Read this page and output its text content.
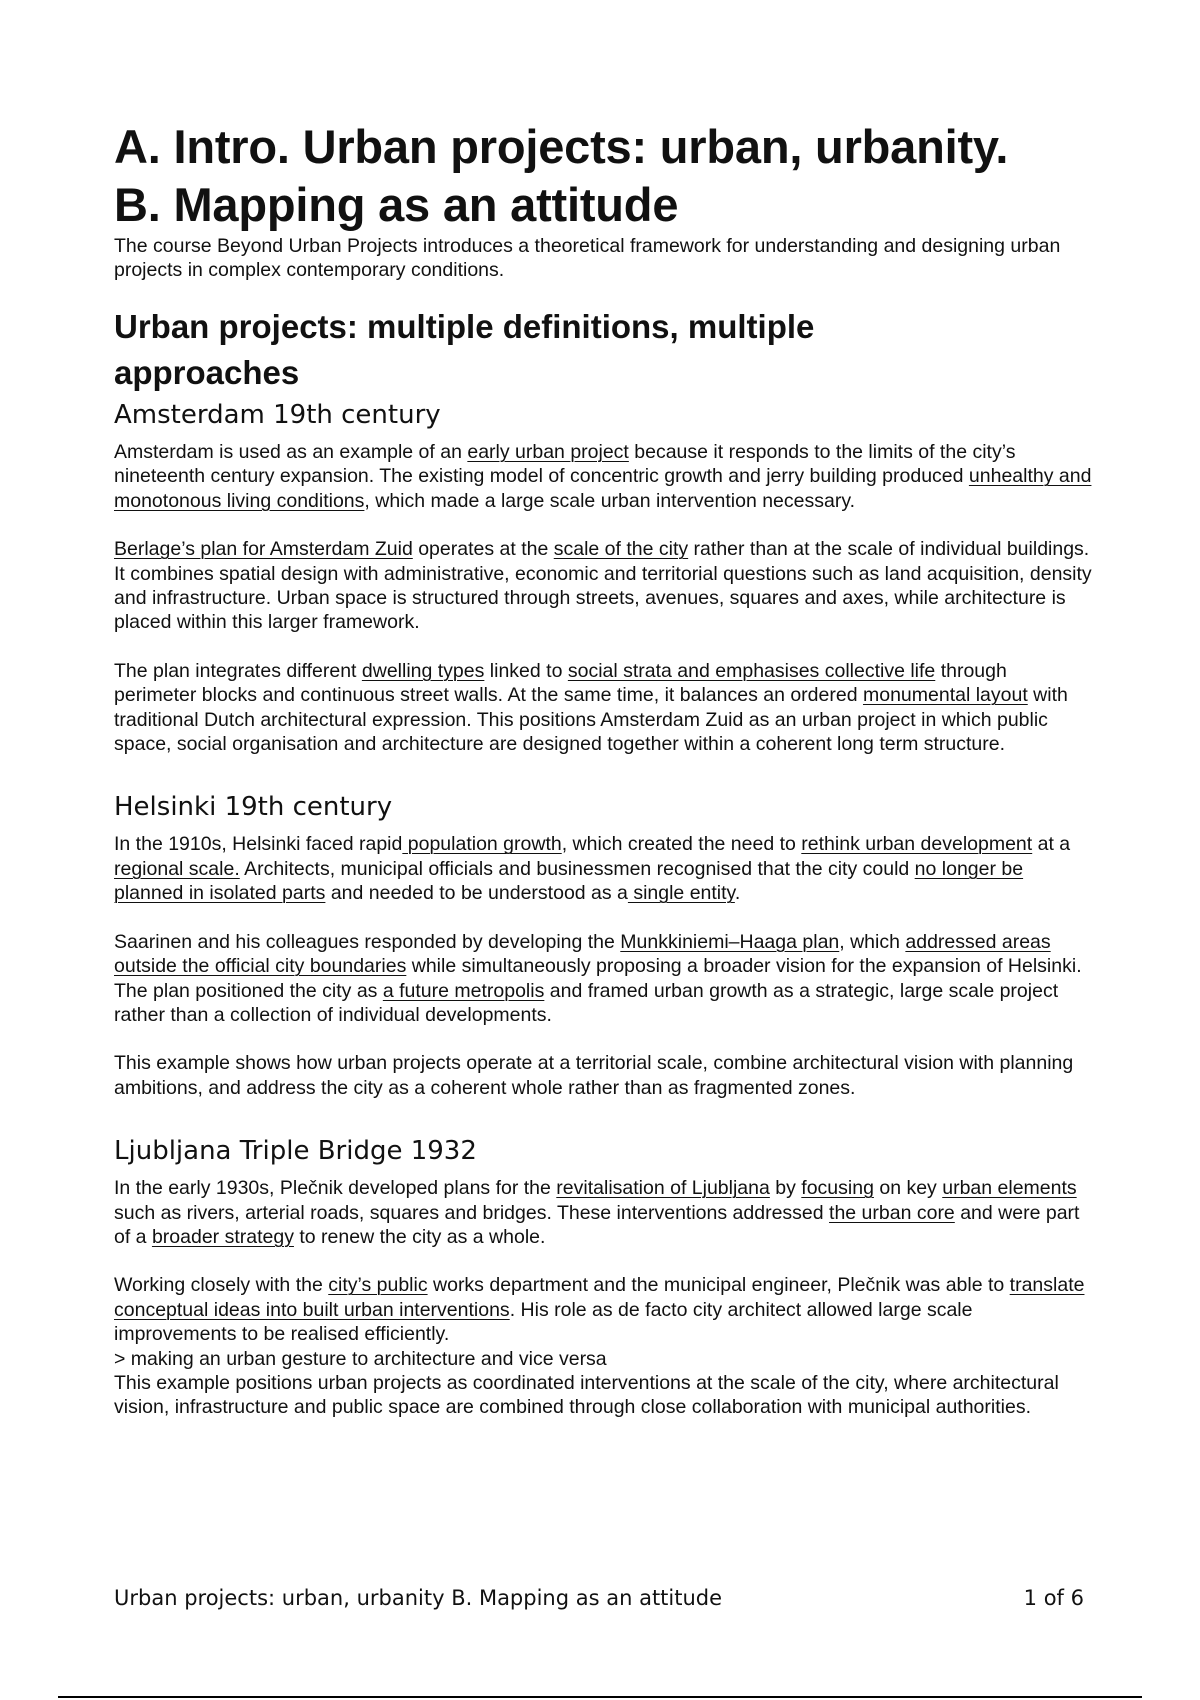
A. Intro. Urban projects: urban, urbanity.
B. Mapping as an attitude

The course Beyond Urban Projects introduces a theoretical framework for understanding and designing urban projects in complex contemporary conditions.

Urban projects: multiple definitions, multiple
approaches
Amsterdam 19th century

Amsterdam is used as an example of an early urban project because it responds to the limits of the city’s nineteenth century expansion. The existing model of concentric growth and jerry building produced unhealthy and monotonous living conditions, which made a large scale urban intervention necessary.

Berlage’s plan for Amsterdam Zuid operates at the scale of the city rather than at the scale of individual buildings. It combines spatial design with administrative, economic and territorial questions such as land acquisition, density and infrastructure. Urban space is structured through streets, avenues, squares and axes, while architecture is placed within this larger framework.

The plan integrates different dwelling types linked to social strata and emphasises collective life through perimeter blocks and continuous street walls. At the same time, it balances an ordered monumental layout with traditional Dutch architectural expression. This positions Amsterdam Zuid as an urban project in which public space, social organisation and architecture are designed together within a coherent long term structure.

Helsinki 19th century

In the 1910s, Helsinki faced rapid population growth, which created the need to rethink urban development at a regional scale. Architects, municipal officials and businessmen recognised that the city could no longer be planned in isolated parts and needed to be understood as a single entity.

Saarinen and his colleagues responded by developing the Munkkiniemi–Haaga plan, which addressed areas outside the official city boundaries while simultaneously proposing a broader vision for the expansion of Helsinki. The plan positioned the city as a future metropolis and framed urban growth as a strategic, large scale project rather than a collection of individual developments.

This example shows how urban projects operate at a territorial scale, combine architectural vision with planning ambitions, and address the city as a coherent whole rather than as fragmented zones.

Ljubljana Triple Bridge 1932

In the early 1930s, Plečnik developed plans for the revitalisation of Ljubljana by focusing on key urban elements such as rivers, arterial roads, squares and bridges. These interventions addressed the urban core and were part of a broader strategy to renew the city as a whole.

Working closely with the city’s public works department and the municipal engineer, Plečnik was able to translate conceptual ideas into built urban interventions. His role as de facto city architect allowed large scale improvements to be realised efficiently.

> making an urban gesture to architecture and vice versa

This example positions urban projects as coordinated interventions at the scale of the city, where architectural vision, infrastructure and public space are combined through close collaboration with municipal authorities.

Urban projects: urban, urbanity B. Mapping as an attitude	1 of 6
